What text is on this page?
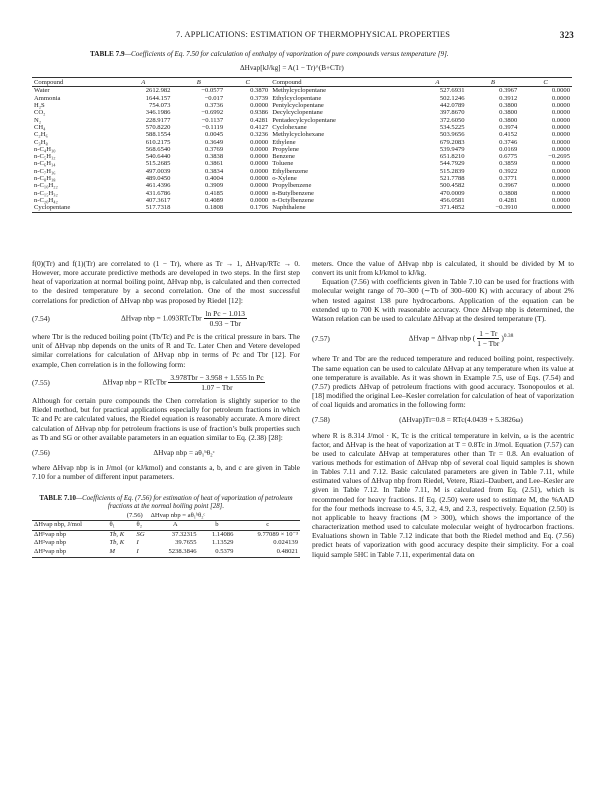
7. APPLICATIONS: ESTIMATION OF THERMOPHYSICAL PROPERTIES	323
TABLE 7.9—Coefficients of Eq. 7.50 for calculation of enthalpy of vaporization of pure compounds versus temperature [9].
ΔHvap[kJ/kg] = A(1 − Tr)^(B+CTr)
Compound	A	B	C	Compound	A	B	C
Water	2612.982	−0.0577	0.3870	Methylcyclopentane	527.6931	0.3967	0.0000
Ammonia	1644.157	−0.017	0.3739	Ethylcyclopentane	502.1246	0.3912	0.0000
H₂S	754.073	0.3736	0.0000	Pentylcyclopentane	442.0789	0.3800	0.0000
CO₂	346.1986	−0.6992	0.9386	Decylcyclopentane	397.8670	0.3800	0.0000
N₂	228.9177	−0.1137	0.4281	Pentadecylcyclopentane	372.6050	0.3800	0.0000
CH₄	570.8220	−0.1119	0.4127	Cyclohexane	534.5225	0.3974	0.0000
C₂H₆	588.1554	0.0045	0.3236	Methylcyclohexane	503.9656	0.4152	0.0000
C₃H₈	610.2175	0.3649	0.0000	Ethylene	679.2083	0.3746	0.0000
n-C₄H₁₀	568.6540	0.3769	0.0000	Propylene	539.9479	0.0169	0.0000
n-C₅H₁₂	540.6440	0.3838	0.0000	Benzene	651.8210	0.6775	−0.2695
n-C₆H₁₄	515.2685	0.3861	0.0000	Toluene	544.7929	0.3859	0.0000
n-C₇H₁₆	497.0039	0.3834	0.0000	Ethylbenzene	515.2839	0.3922	0.0000
n-C₈H₁₈	489.0450	0.4004	0.0000	o-Xylene	521.7788	0.3771	0.0000
n-C₁₀H₂₂	461.4396	0.3909	0.0000	Propylbenzene	500.4582	0.3967	0.0000
n-C₁₅H₃₂	431.6786	0.4185	0.0000	n-Butylbenzene	470.0009	0.3808	0.0000
n-C₂₀H₄₂	407.3617	0.4089	0.0000	n-Octylbenzene	456.0581	0.4281	0.0000
Cyclopentane	517.7318	0.1808	0.1706	Naphthalene	371.4852	−0.3910	0.0000

f(0)(Tr) and f(1)(Tr) are correlated to (1 − Tr), where as Tr → 1, ΔHvap/RTc → 0. However, more accurate predictive methods are developed in two steps. In the first step heat of vaporization at normal boiling point, ΔHvap nbp, is calculated and then corrected to the desired temperature by a second correlation. One of the most successful correlations for prediction of ΔHvap nbp was proposed by Riedel [12]:

(7.54)	ΔHvap nbp = 1.093RTcTbr $\frac{\text{ln Pc − 1.013}}{\text{0.93 − Tbr}}$

where Tbr is the reduced boiling point (Tb/Tc) and Pc is the critical pressure in bars. The unit of ΔHvap nbp depends on the units of R and Tc. Later Chen and Vetere developed similar correlations for calculation of ΔHvap nbp in terms of Pc and Tbr [12]. For example, Chen correlation is in the following form:

(7.55)	ΔHvap nbp = RTcTbr $\frac{\text{3.978Tbr − 3.958 + 1.555 ln Pc}}{\text{1.07 − Tbr}}$

Although for certain pure compounds the Chen correlation is slightly superior to the Riedel method, but for practical applications especially for petroleum fractions in which Tc and Pc are calculated values, the Riedel equation is reasonably accurate. A more direct calculation of ΔHvap nbp for petroleum fractions is use of fraction’s bulk properties such as Tb and SG or other available parameters in an equation similar to Eq. (2.38) [28]:

(7.56)	ΔHvap nbp = aθ₁ᵇθ₂ᶜ

where ΔHvap nbp is in J/mol (or kJ/kmol) and constants a, b, and c are given in Table 7.10 for a number of different input parameters.

TABLE 7.10—Coefficients of Eq. (7.56) for estimation of heat of vaporization of petroleum fractions at the normal boiling point [28].
(7.56) ΔHvap nbp = aθ₁ᵇθ₂ᶜ					
ΔHvap nbp, J/mol	θ₁	θ₂	A	b	c
ΔH¹vap nbp	Tb, K	SG	37.32315	1.14086	9.77089 × 10⁻³
ΔH²vap nbp	Tb, K	I	39.7655	1.13529	0.024139
ΔH³vap nbp	M	I	5238.3846	0.5379	0.48021

meters. Once the value of ΔHvap nbp is calculated, it should be divided by M to convert its unit from kJ/kmol to kJ/kg.

Equation (7.56) with coefficients given in Table 7.10 can be used for fractions with molecular weight range of 70–300 (∼Tb of 300–600 K) with accuracy of about 2% when tested against 138 pure hydrocarbons. Application of the equation can be extended up to 700 K with reasonable accuracy. Once ΔHvap nbp is determined, the Watson relation can be used to calculate ΔHvap at the desired temperature (T).

(7.57)	ΔHvap = ΔHvap nbp ( $\frac{1 - Tr}{\text{1 − Tbr}} )^{0.38}$

where Tr and Tbr are the reduced temperature and reduced boiling point, respectively. The same equation can be used to calculate ΔHvap at any temperature when its value at one temperature is available. As it was shown in Example 7.5, use of Eqs. (7.54) and (7.57) predicts ΔHvap of petroleum fractions with good accuracy. Tsonopoulos et al. [18] modified the original Lee–Kesler correlation for calculation of heat of vaporization of coal liquids and aromatics in the following form:

(7.58)	(ΔHvap)Tr=0.8 = RTc(4.0439 + 5.3826ω)

where R is 8.314 J/mol · K, Tc is the critical temperature in kelvin, ω is the acentric factor, and ΔHvap is the heat of vaporization at T = 0.8Tc in J/mol. Equation (7.57) can be used to calculate ΔHvap at temperatures other than Tr = 0.8. An evaluation of various methods for estimation of ΔHvap nbp of several coal liquid samples is shown in Tables 7.11 and 7.12. Basic calculated parameters are given in Table 7.11, while estimated values of ΔHvap nbp from Riedel, Vetere, Riazi–Daubert, and Lee–Kesler are given in Table 7.12. In Table 7.11, M is calculated from Eq. (2.51), which is recommended for heavy fractions. If Eq. (2.50) were used to estimate M, the %AAD for the four methods increase to 4.5, 3.2, 4.9, and 2.3, respectively. Equation (2.50) is not applicable to heavy fractions (M > 300), which shows the importance of the characterization method used to calculate molecular weight of hydrocarbon fractions. Evaluations shown in Table 7.12 indicate that both the Riedel method and Eq. (7.56) predict heats of vaporization with good accuracy despite their simplicity. For a coal liquid sample 5HC in Table 7.11, experimental data on
